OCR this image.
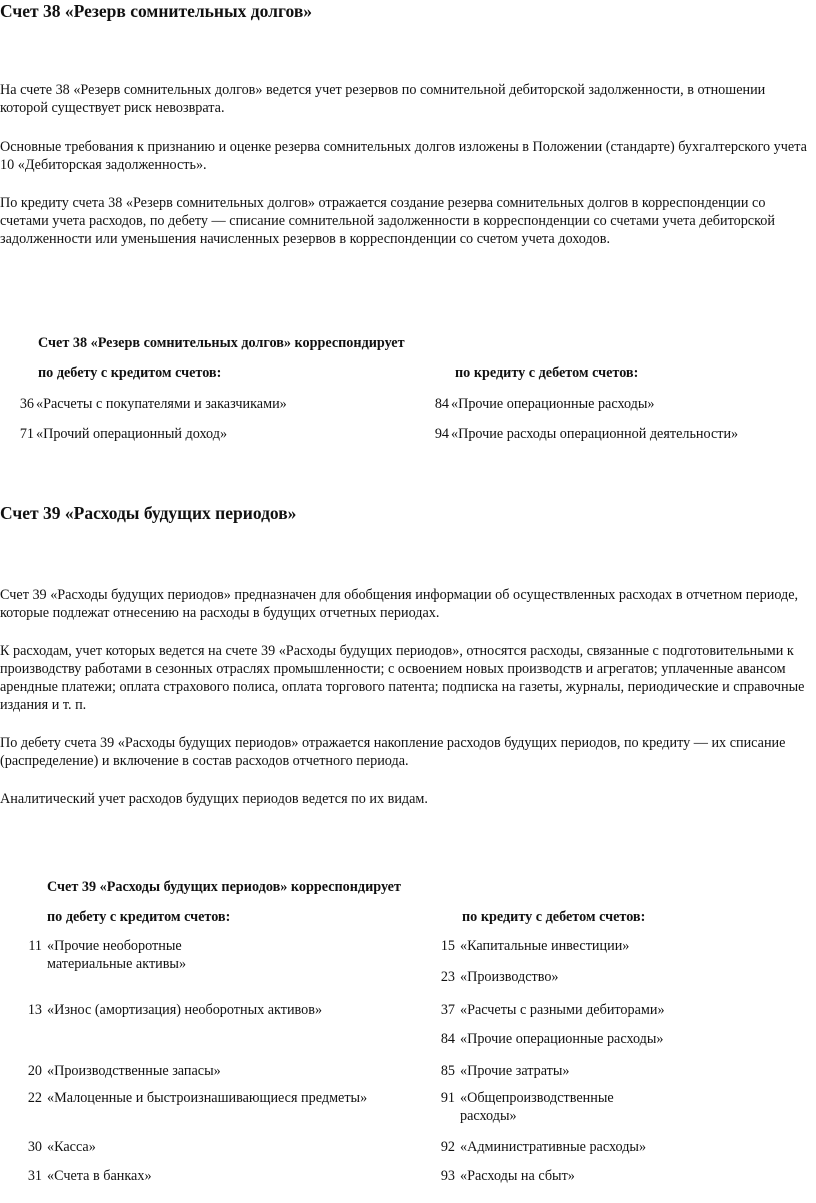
Счет 38 «Резерв сомнительных долгов»

На счете 38 «Резерв сомнительных долгов» ведется учет резервов по сомнительной дебиторской задолженности, в отношении которой существует риск невозврата.

Основные требования к признанию и оценке резерва сомнительных долгов изложены в Положении (стандарте) бухгалтерского учета 10 «Дебиторская задолженность».

По кредиту счета 38 «Резерв сомнительных долгов» отражается создание резерва сомнительных долгов в корреспонденции со счетами учета расходов, по дебету — списание сомнительной задолженности в корреспонденции со счетами учета дебиторской задолженности или уменьшения начисленных резервов в корреспонденции со счетом учета доходов.

Счет 38 «Резерв сомнительных долгов» корреспондирует
по дебету с кредитом счетов:	по кредиту с дебетом счетов:
36 «Расчеты с покупателями и заказчиками»
71 «Прочий операционный доход»
84 «Прочие операционные расходы»
94 «Прочие расходы операционной деятельности»
Счет 39 «Расходы будущих периодов»

Счет 39 «Расходы будущих периодов» предназначен для обобщения информации об осуществленных расходах в отчетном периоде, которые подлежат отнесению на расходы в будущих отчетных периодах.

К расходам, учет которых ведется на счете 39 «Расходы будущих периодов», относятся расходы, связанные с подготовительными к производству работами в сезонных отраслях промышленности; с освоением новых производств и агрегатов; уплаченные авансом арендные платежи; оплата страхового полиса, оплата торгового патента; подписка на газеты, журналы, периодические и справочные издания и т. п.

По дебету счета 39 «Расходы будущих периодов» отражается накопление расходов будущих периодов, по кредиту — их списание (распределение) и включение в состав расходов отчетного периода.

Аналитический учет расходов будущих периодов ведется по их видам.

Счет 39 «Расходы будущих периодов» корреспондирует
по дебету с кредитом счетов:	по кредиту с дебетом счетов:
11 «Прочие необоротные материальные активы»
13 «Износ (амортизация) необоротных активов»
20 «Производственные запасы»
22 «Малоценные и быстроизнашивающиеся предметы»
30 «Касса»
31 «Счета в банках»
15 «Капитальные инвестиции»
23 «Производство»
37 «Расчеты с разными дебиторами»
84 «Прочие операционные расходы»
85 «Прочие затраты»
91 «Общепроизводственные расходы»
92 «Административные расходы»
93 «Расходы на сбыт»
